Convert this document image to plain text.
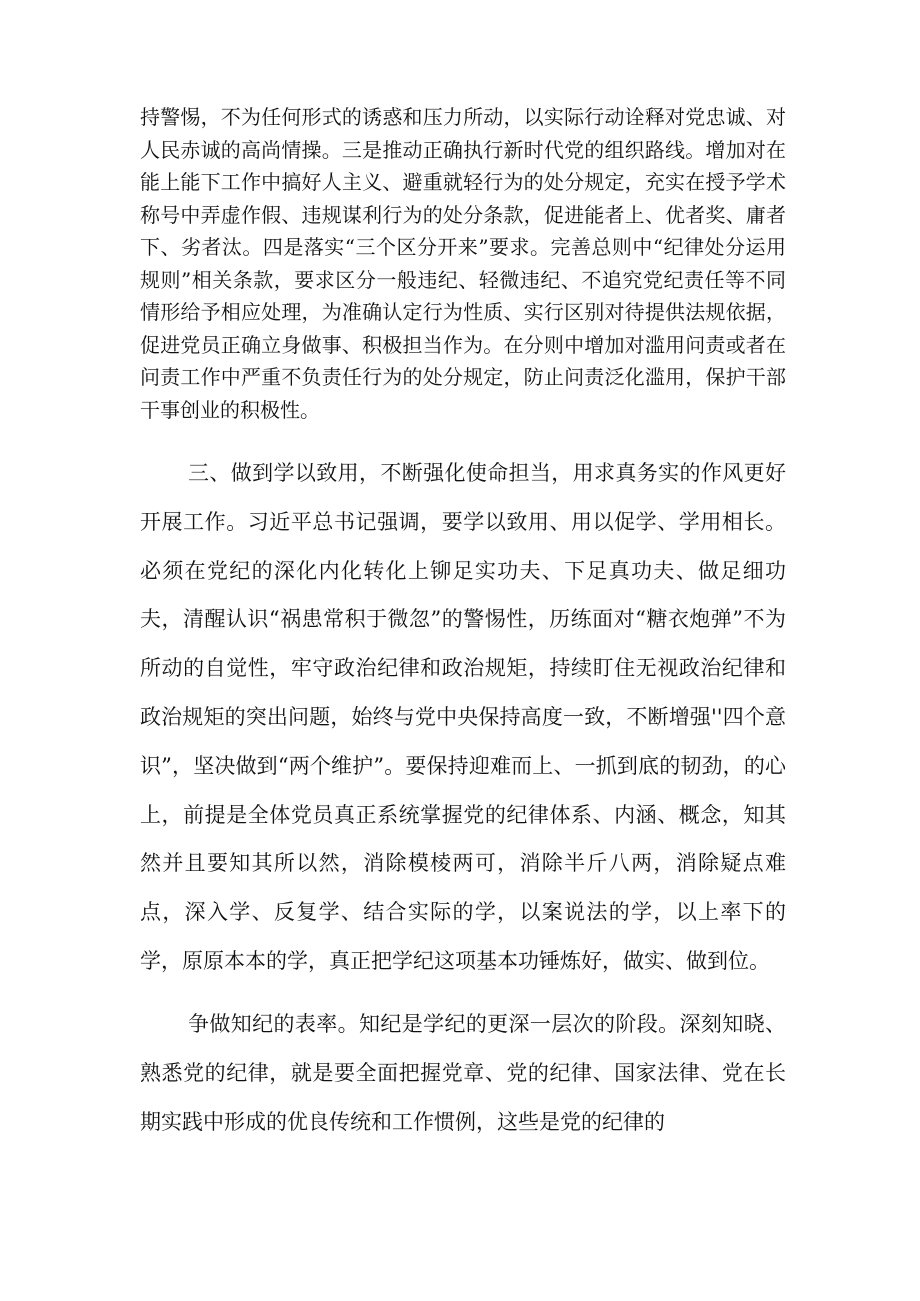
持警惕，不为任何形式的诱惑和压力所动，以实际行动诠释对党忠诚、对人民赤诚的高尚情操。三是推动正确执行新时代党的组织路线。增加对在能上能下工作中搞好人主义、避重就轻行为的处分规定，充实在授予学术称号中弄虚作假、违规谋利行为的处分条款，促进能者上、优者奖、庸者下、劣者汰。四是落实“三个区分开来”要求。完善总则中“纪律处分运用规则”相关条款，要求区分一般违纪、轻微违纪、不追究党纪责任等不同情形给予相应处理，为准确认定行为性质、实行区别对待提供法规依据，促进党员正确立身做事、积极担当作为。在分则中增加对滥用问责或者在问责工作中严重不负责任行为的处分规定，防止问责泛化滥用，保护干部干事创业的积极性。

三、做到学以致用，不断强化使命担当，用求真务实的作风更好开展工作。习近平总书记强调，要学以致用、用以促学、学用相长。必须在党纪的深化内化转化上铆足实功夫、下足真功夫、做足细功夫，清醒认识“祸患常积于微忽”的警惕性，历练面对“糖衣炮弹”不为所动的自觉性，牢守政治纪律和政治规矩，持续盯住无视政治纪律和政治规矩的突出问题，始终与党中央保持高度一致，不断增强''四个意识”，坚决做到“两个维护”。要保持迎难而上、一抓到底的韧劲，的心上，前提是全体党员真正系统掌握党的纪律体系、内涵、概念，知其然并且要知其所以然，消除模棱两可，消除半斤八两，消除疑点难点，深入学、反复学、结合实际的学，以案说法的学，以上率下的学，原原本本的学，真正把学纪这项基本功锤炼好，做实、做到位。

争做知纪的表率。知纪是学纪的更深一层次的阶段。深刻知晓、熟悉党的纪律，就是要全面把握党章、党的纪律、国家法律、党在长期实践中形成的优良传统和工作惯例，这些是党的纪律的
